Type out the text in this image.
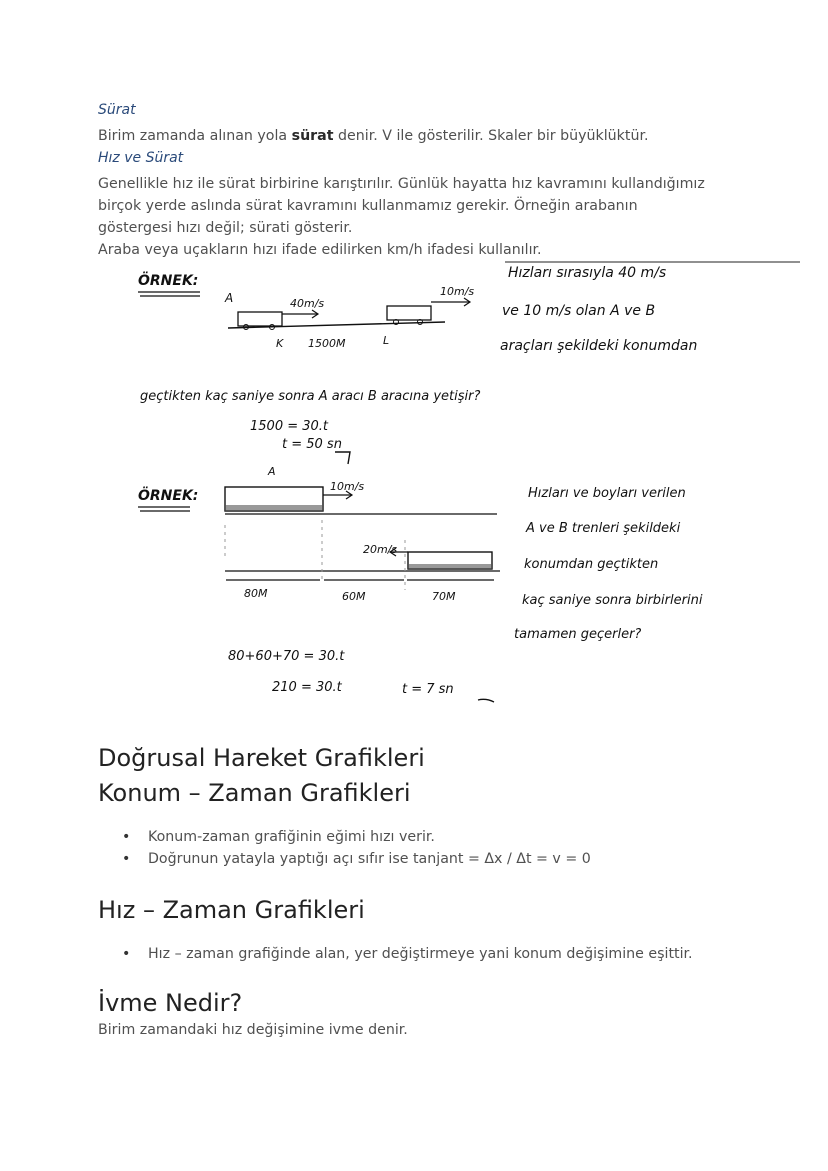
Sürat
Birim zamanda alınan yola sürat denir. V ile gösterilir. Skaler bir büyüklüktür.
Hız ve Sürat
Genellikle hız ile sürat birbirine karıştırılır. Günlük hayatta hız kavramını kullandığımız
birçok yerde aslında sürat kavramını kullanmamız gerekir. Örneğin arabanın
göstergesi hızı değil; sürati gösterir.
Araba veya uçakların hızı ifade edilirken km/h ifadesi kullanılır.
ÖRNEK:
A	40m/s
10m/s
K 1500M	L
Hızları sırasıyla 40 m/s
ve 10 m/s olan A ve B
araçları şekildeki konumdan
geçtikten kaç saniye sonra A aracı B aracına yetişir?
1500 = 30.t
t = 50 sn
ÖRNEK:
A
10m/s
20m/s
80M	60M	70M
Hızları ve boyları verilen
A ve B trenleri şekildeki
konumdan geçtikten
kaç saniye sonra birbirlerini
tamamen geçerler?
80+60+70 = 30.t
210 = 30.t	t = 7 sn
Doğrusal Hareket Grafikleri
Konum – Zaman Grafikleri
• Konum-zaman grafiğinin eğimi hızı verir.
• Doğrunun yatayla yaptığı açı sıfır ise tanjant = Δx / Δt = v = 0
Hız – Zaman Grafikleri
• Hız – zaman grafiğinde alan, yer değiştirmeye yani konum değişimine eşittir.
İvme Nedir?
Birim zamandaki hız değişimine ivme denir.
